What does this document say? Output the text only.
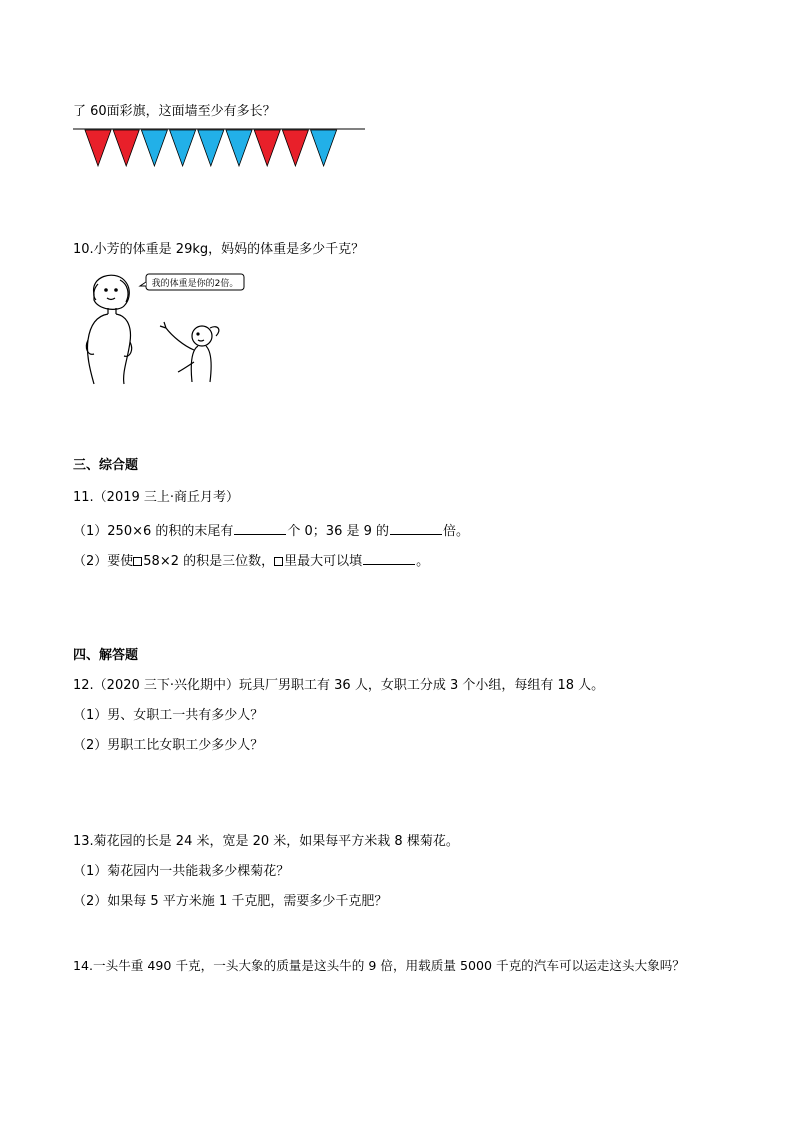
了 60面彩旗，这面墙至少有多长？
10.小芳的体重是 29kg，妈妈的体重是多少千克？
我的体重是你的2倍。
三、综合题
11.（2019 三上·商丘月考）
（1）250×6 的积的末尾有	个 0；36 是 9 的	倍。
（2）要使 58×2 的积是三位数， 里最大可以填	。
四、解答题
12.（2020 三下·兴化期中）玩具厂男职工有 36 人，女职工分成 3 个小组，每组有 18 人。
（1）男、女职工一共有多少人？
（2）男职工比女职工少多少人？
13.菊花园的长是 24 米，宽是 20 米，如果每平方米栽 8 棵菊花。
（1）菊花园内一共能栽多少棵菊花？
（2）如果每 5 平方米施 1 千克肥，需要多少千克肥？
14.一头牛重 490 千克，一头大象的质量是这头牛的 9 倍，用载质量 5000 千克的汽车可以运走这头大象吗？
